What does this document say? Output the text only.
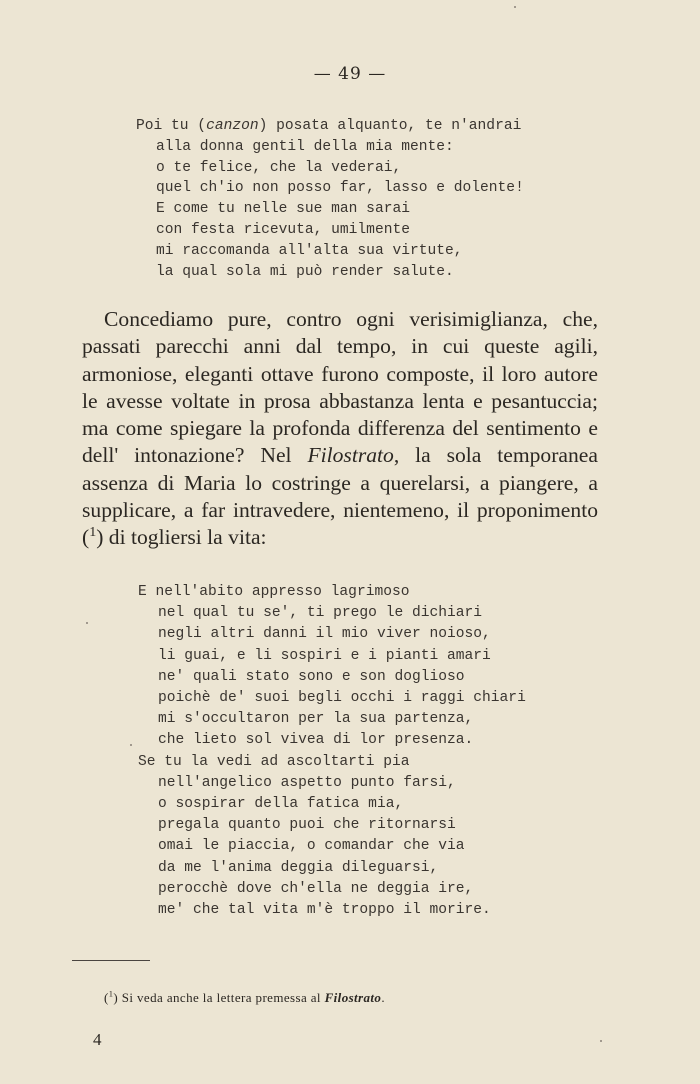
— 49 —
Poi tu (canzon) posata alquanto, te n'andrai
alla donna gentil della mia mente:
o te felice, che la vederai,
quel ch'io non posso far, lasso e dolente!
E come tu nelle sue man sarai
con festa ricevuta, umilmente
mi raccomanda all'alta sua virtute,
la qual sola mi può render salute.
Concediamo pure, contro ogni verisimiglianza, che, passati parecchi anni dal tempo, in cui queste agili, armoniose, eleganti ottave furono composte, il loro autore le avesse voltate in prosa abbastanza lenta e pesantuccia; ma come spiegare la profonda differenza del sentimento e dell' intonazione? Nel Filostrato, la sola temporanea assenza di Maria lo costringe a querelarsi, a piangere, a supplicare, a far intravedere, nientemeno, il proponimento ($^1$) di togliersi la vita:
E nell'abito appresso lagrimoso
nel qual tu se', ti prego le dichiari
negli altri danni il mio viver noioso,
li guai, e li sospiri e i pianti amari
ne' quali stato sono e son doglioso
poichè de' suoi begli occhi i raggi chiari
mi s'occultaron per la sua partenza,
che lieto sol vivea di lor presenza.
Se tu la vedi ad ascoltarti pia
nell'angelico aspetto punto farsi,
o sospirar della fatica mia,
pregala quanto puoi che ritornarsi
omai le piaccia, o comandar che via
da me l'anima deggia dileguarsi,
perocchè dove ch'ella ne deggia ire,
me' che tal vita m'è troppo il morire.
($^1$) Si veda anche la lettera premessa al Filostrato.
4
